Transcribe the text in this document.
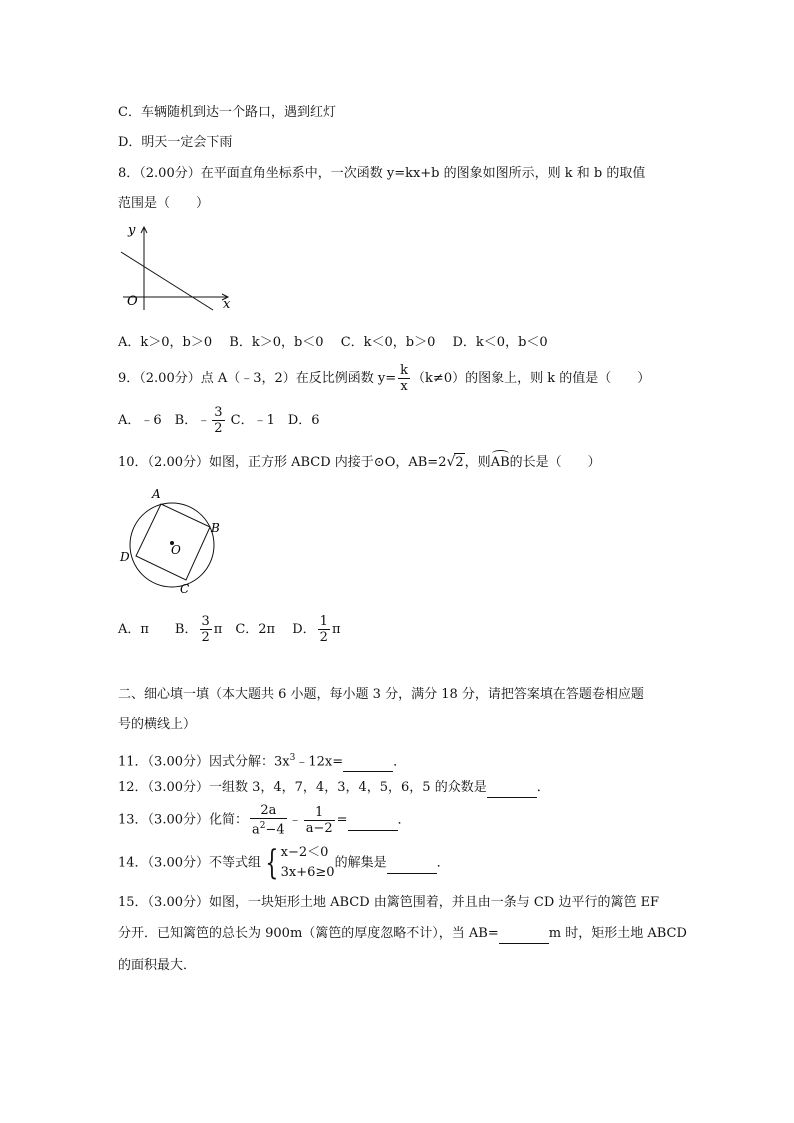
C．车辆随机到达一个路口，遇到红灯
D．明天一定会下雨
8．（2.00分）在平面直角坐标系中，一次函数 y=kx+b 的图象如图所示，则 k 和 b 的取值
范围是（　　）
y
x
O
A．k＞0，b＞0　 B．k＞0，b＜0　 C．k＜0，b＞0　 D．k＜0，b＜0
9．（2.00分）点 A（﹣3，2）在反比例函数 $y= \frac{k}{x} (k\ne 0)$的图象上，则 k 的值是（　　）
A．﹣6　B．﹣ $\frac{3}{2}$ C．﹣1　D．6
10．（2.00分）如图，正方形 ABCD 内接于⊙O，AB=2√2，则AB的长是（　　）
A
B
C
D	O
A．π　　B． $\frac{3}{2}$ π　C．2π　 D． $\frac{1}{2}$ π
二、细心填一填（本大题共 6 小题，每小题 3 分，满分 18 分，请把答案填在答题卷相应题
号的横线上）
11．（3.00分）因式分解：$3x^3﹣12x=$	．
12．（3.00分）一组数 3，4，7，4，3，4，5，6，5 的众数是	．
13．（3.00分）化简： $\frac{2a}{a^2-4}$ ﹣ $\frac{1}{a-2}$ =	．
14．（3.00分）不等式组 { x−2＜0
3x+6≥0
的解集是	．
15．（3.00分）如图，一块矩形土地 ABCD 由篱笆围着，并且由一条与 CD 边平行的篱笆 EF
分开．已知篱笆的总长为 900m（篱笆的厚度忽略不计），当 AB=	m 时，矩形土地 ABCD
的面积最大．
